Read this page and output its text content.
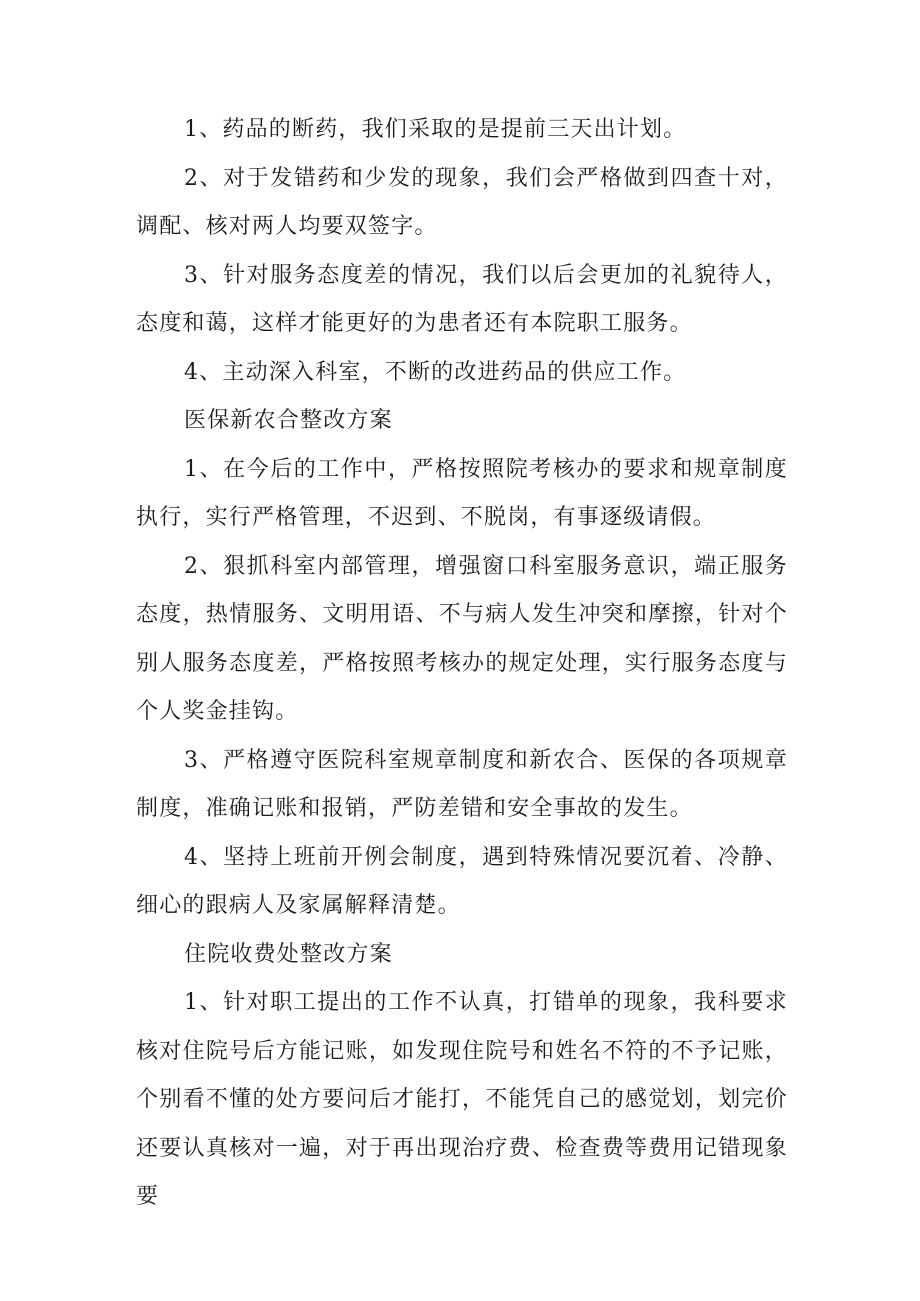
1、药品的断药，我们采取的是提前三天出计划。

2、对于发错药和少发的现象，我们会严格做到四查十对，调配、核对两人均要双签字。

3、针对服务态度差的情况，我们以后会更加的礼貌待人，态度和蔼，这样才能更好的为患者还有本院职工服务。

4、主动深入科室，不断的改进药品的供应工作。

医保新农合整改方案

1、在今后的工作中，严格按照院考核办的要求和规章制度执行，实行严格管理，不迟到、不脱岗，有事逐级请假。

2、狠抓科室内部管理，增强窗口科室服务意识，端正服务态度，热情服务、文明用语、不与病人发生冲突和摩擦，针对个别人服务态度差，严格按照考核办的规定处理，实行服务态度与个人奖金挂钩。

3、严格遵守医院科室规章制度和新农合、医保的各项规章制度，准确记账和报销，严防差错和安全事故的发生。

4、坚持上班前开例会制度，遇到特殊情况要沉着、冷静、细心的跟病人及家属解释清楚。

住院收费处整改方案

1、针对职工提出的工作不认真，打错单的现象，我科要求核对住院号后方能记账，如发现住院号和姓名不符的不予记账，个别看不懂的处方要问后才能打，不能凭自己的感觉划，划完价还要认真核对一遍，对于再出现治疗费、检查费等费用记错现象要
